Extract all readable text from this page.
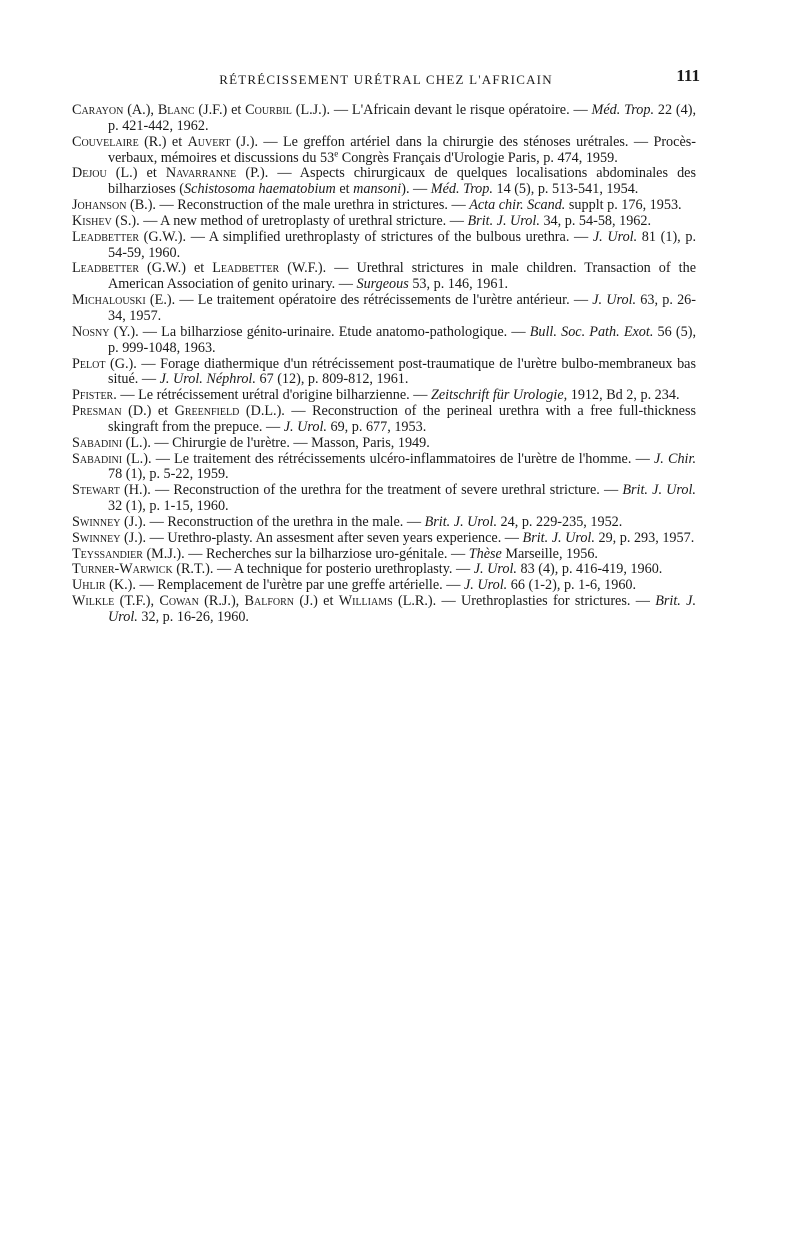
RÉTRÉCISSEMENT URÉTRAL CHEZ L'AFRICAIN	111

Carayon (A.), Blanc (J.F.) et Courbil (L.J.). — L'Africain devant le risque opératoire. — Méd. Trop. 22 (4), p. 421-442, 1962.

Couvelaire (R.) et Auvert (J.). — Le greffon artériel dans la chirurgie des sténoses urétrales. — Procès-verbaux, mémoires et discussions du 53e Congrès Français d'Urologie Paris, p. 474, 1959.

Dejou (L.) et Navarranne (P.). — Aspects chirurgicaux de quelques localisations abdominales des bilharzioses (Schistosoma haematobium et mansoni). — Méd. Trop. 14 (5), p. 513-541, 1954.

Johanson (B.). — Reconstruction of the male urethra in strictures. — Acta chir. Scand. supplt p. 176, 1953.

Kishev (S.). — A new method of uretroplasty of urethral stricture. — Brit. J. Urol. 34, p. 54-58, 1962.

Leadbetter (G.W.). — A simplified urethroplasty of strictures of the bulbous urethra. — J. Urol. 81 (1), p. 54-59, 1960.

Leadbetter (G.W.) et Leadbetter (W.F.). — Urethral strictures in male children. Transaction of the American Association of genito urinary. — Surgeous 53, p. 146, 1961.

Michalouski (E.). — Le traitement opératoire des rétrécissements de l'urètre antérieur. — J. Urol. 63, p. 26-34, 1957.

Nosny (Y.). — La bilharziose génito-urinaire. Etude anatomo-pathologique. — Bull. Soc. Path. Exot. 56 (5), p. 999-1048, 1963.

Pelot (G.). — Forage diathermique d'un rétrécissement post-traumatique de l'urètre bulbo-membraneux bas situé. — J. Urol. Néphrol. 67 (12), p. 809-812, 1961.

Pfister. — Le rétrécissement urétral d'origine bilharzienne. — Zeitschrift für Urologie, 1912, Bd 2, p. 234.

Presman (D.) et Greenfield (D.L.). — Reconstruction of the perineal urethra with a free full-thickness skingraft from the prepuce. — J. Urol. 69, p. 677, 1953.

Sabadini (L.). — Chirurgie de l'urètre. — Masson, Paris, 1949.

Sabadini (L.). — Le traitement des rétrécissements ulcéro-inflammatoires de l'urètre de l'homme. — J. Chir. 78 (1), p. 5-22, 1959.

Stewart (H.). — Reconstruction of the urethra for the treatment of severe urethral stricture. — Brit. J. Urol. 32 (1), p. 1-15, 1960.

Swinney (J.). — Reconstruction of the urethra in the male. — Brit. J. Urol. 24, p. 229-235, 1952.

Swinney (J.). — Urethro-plasty. An assesment after seven years experience. — Brit. J. Urol. 29, p. 293, 1957.

Teyssandier (M.J.). — Recherches sur la bilharziose uro-génitale. — Thèse Marseille, 1956.

Turner-Warwick (R.T.). — A technique for posterio urethroplasty. — J. Urol. 83 (4), p. 416-419, 1960.

Uhlir (K.). — Remplacement de l'urètre par une greffe artérielle. — J. Urol. 66 (1-2), p. 1-6, 1960.

Wilkle (T.F.), Cowan (R.J.), Balforn (J.) et Williams (L.R.). — Urethroplasties for strictures. — Brit. J. Urol. 32, p. 16-26, 1960.
